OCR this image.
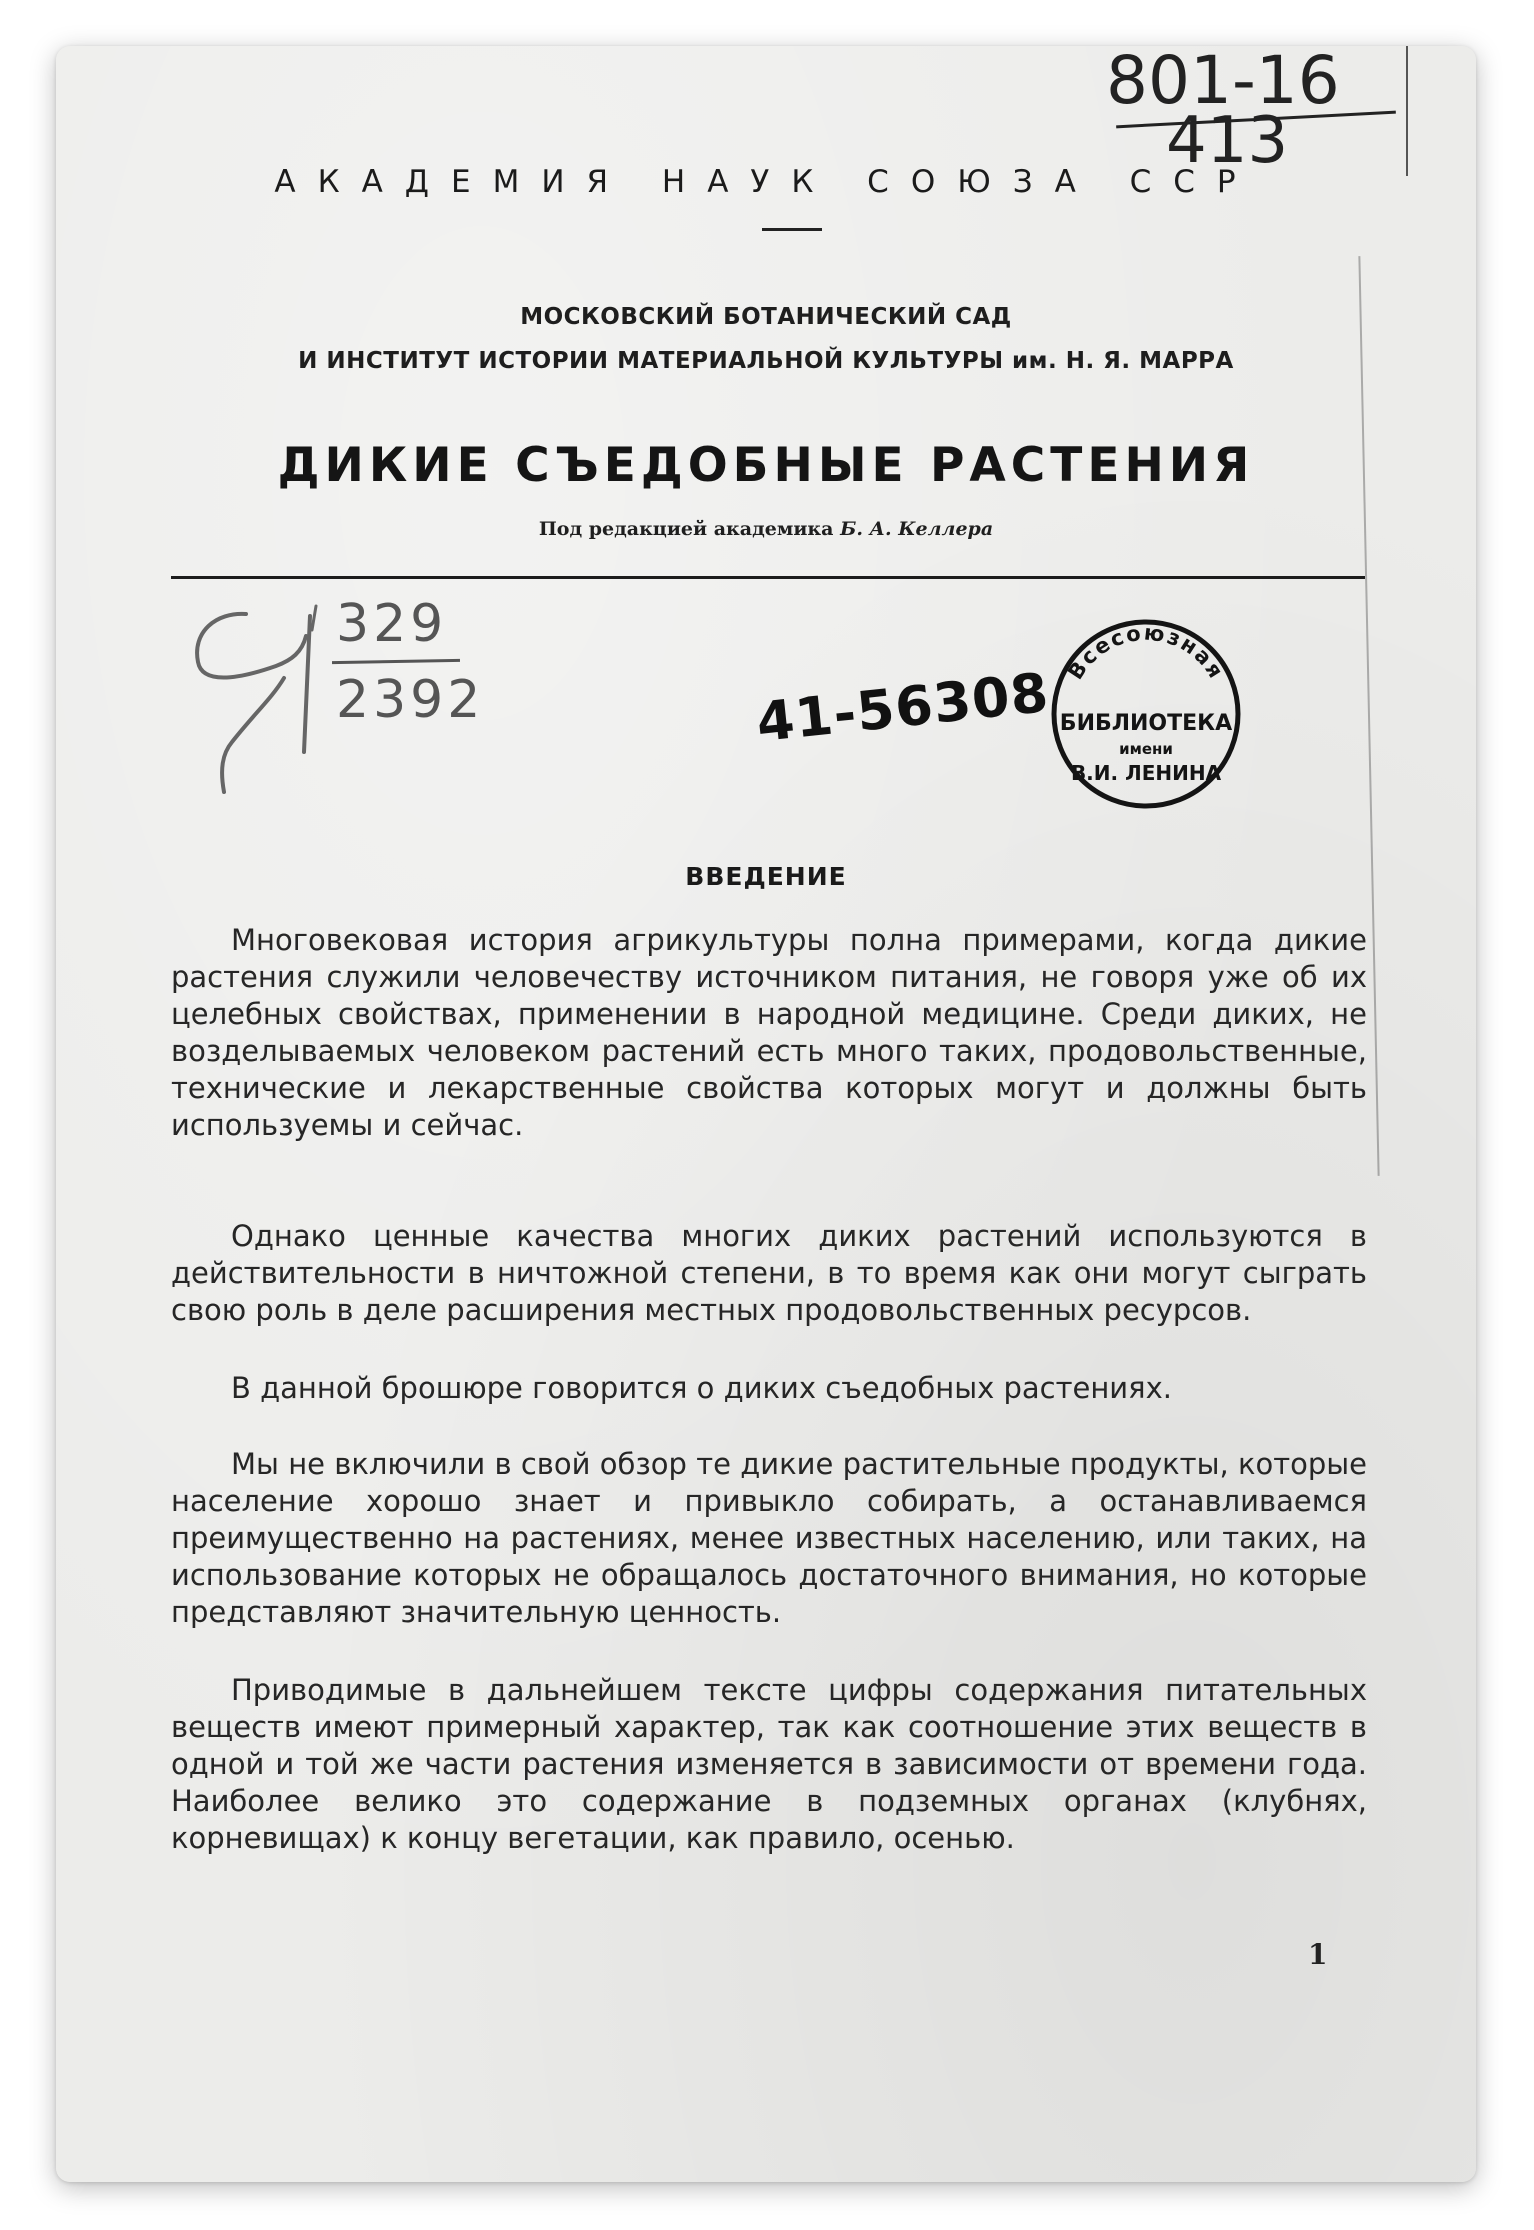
801-16
413
АКАДЕМИЯ НАУК СОЮЗА ССР
МОСКОВСКИЙ БОТАНИЧЕСКИЙ САД
И ИНСТИТУТ ИСТОРИИ МАТЕРИАЛЬНОЙ КУЛЬТУРЫ им. Н. Я. МАРРА
ДИКИЕ СЪЕДОБНЫЕ РАСТЕНИЯ
Под редакцией академика Б. А. Келлера
329
2392	41-56308 Всесоюзная
БИБЛИОТЕКА
имени
В.И. ЛЕНИНА
ВВЕДЕНИЕ

Многовековая история агрикультуры полна примерами, когда дикие растения служили человечеству источником питания, не говоря уже об их целебных свойствах, применении в народной медицине. Среди диких, не возделываемых человеком растений есть много таких, продовольственные, технические и лекарственные свойства которых могут и должны быть используемы и сейчас.

Однако ценные качества многих диких растений используются в действительности в ничтожной степени, в то время как они могут сыграть свою роль в деле расширения местных продовольственных ресурсов.

В данной брошюре говорится о диких съедобных растениях.

Мы не включили в свой обзор те дикие растительные продукты, которые население хорошо знает и привыкло собирать, а останавливаемся преимущественно на растениях, менее известных населению, или таких, на использование которых не обращалось достаточного внимания, но которые представляют значительную ценность.

Приводимые в дальнейшем тексте цифры содержания питательных веществ имеют примерный характер, так как соотношение этих веществ в одной и той же части растения изменяется в зависимости от времени года. Наиболее велико это содержание в подземных органах (клубнях, корневищах) к концу вегетации, как правило, осенью.

1
